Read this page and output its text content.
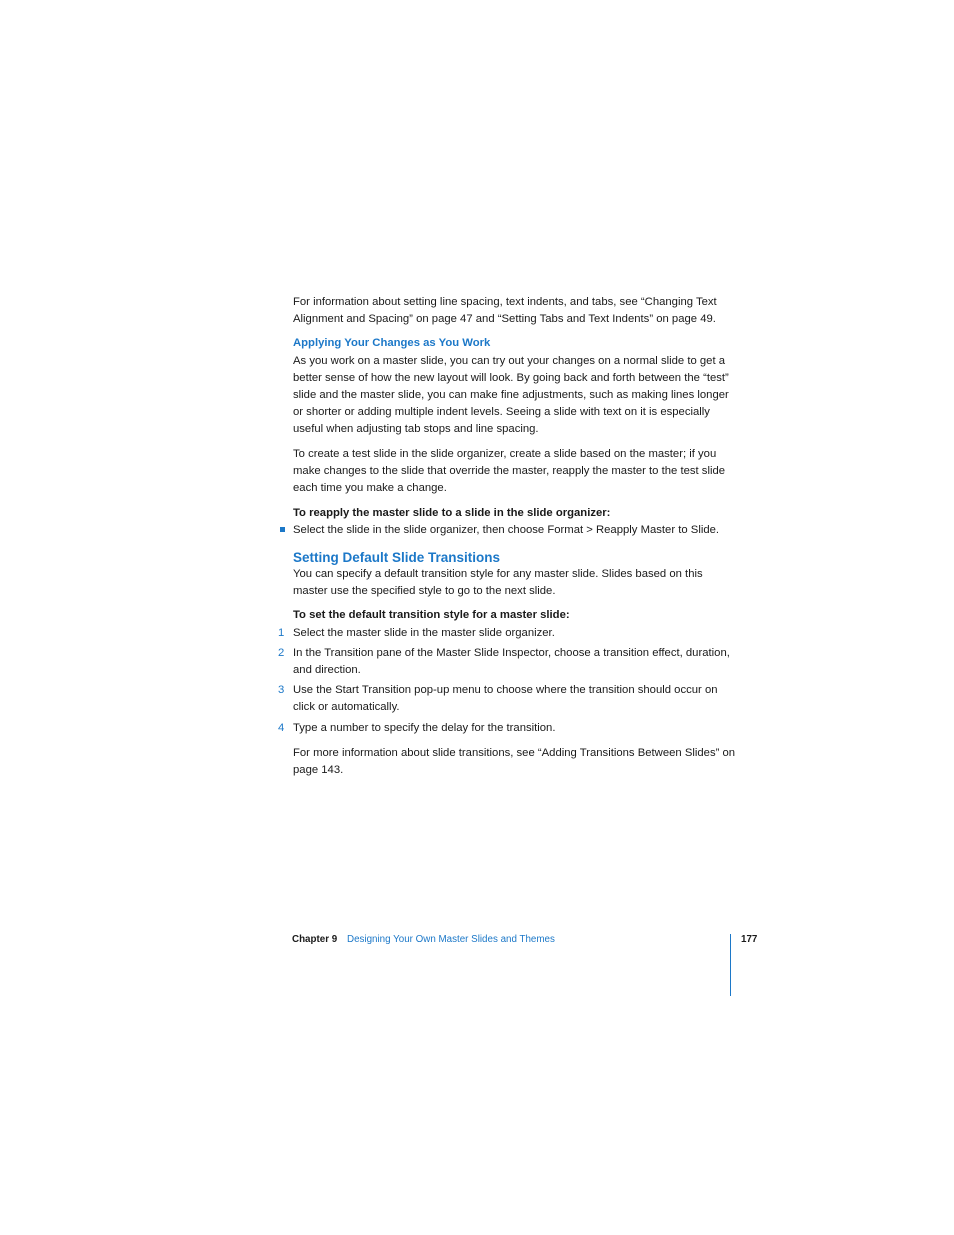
For information about setting line spacing, text indents, and tabs, see “Changing Text Alignment and Spacing” on page 47 and “Setting Tabs and Text Indents” on page 49.

Applying Your Changes as You Work

As you work on a master slide, you can try out your changes on a normal slide to get a better sense of how the new layout will look. By going back and forth between the “test” slide and the master slide, you can make fine adjustments, such as making lines longer or shorter or adding multiple indent levels. Seeing a slide with text on it is especially useful when adjusting tab stops and line spacing.

To create a test slide in the slide organizer, create a slide based on the master; if you make changes to the slide that override the master, reapply the master to the test slide each time you make a change.

To reapply the master slide to a slide in the slide organizer:

Select the slide in the slide organizer, then choose Format > Reapply Master to Slide.

Setting Default Slide Transitions

You can specify a default transition style for any master slide. Slides based on this master use the specified style to go to the next slide.

To set the default transition style for a master slide:

1 Select the master slide in the master slide organizer.

2 In the Transition pane of the Master Slide Inspector, choose a transition effect, duration, and direction.

3 Use the Start Transition pop-up menu to choose where the transition should occur on click or automatically.

4 Type a number to specify the delay for the transition.

For more information about slide transitions, see “Adding Transitions Between Slides” on page 143.

Chapter 9 Designing Your Own Master Slides and Themes	177
